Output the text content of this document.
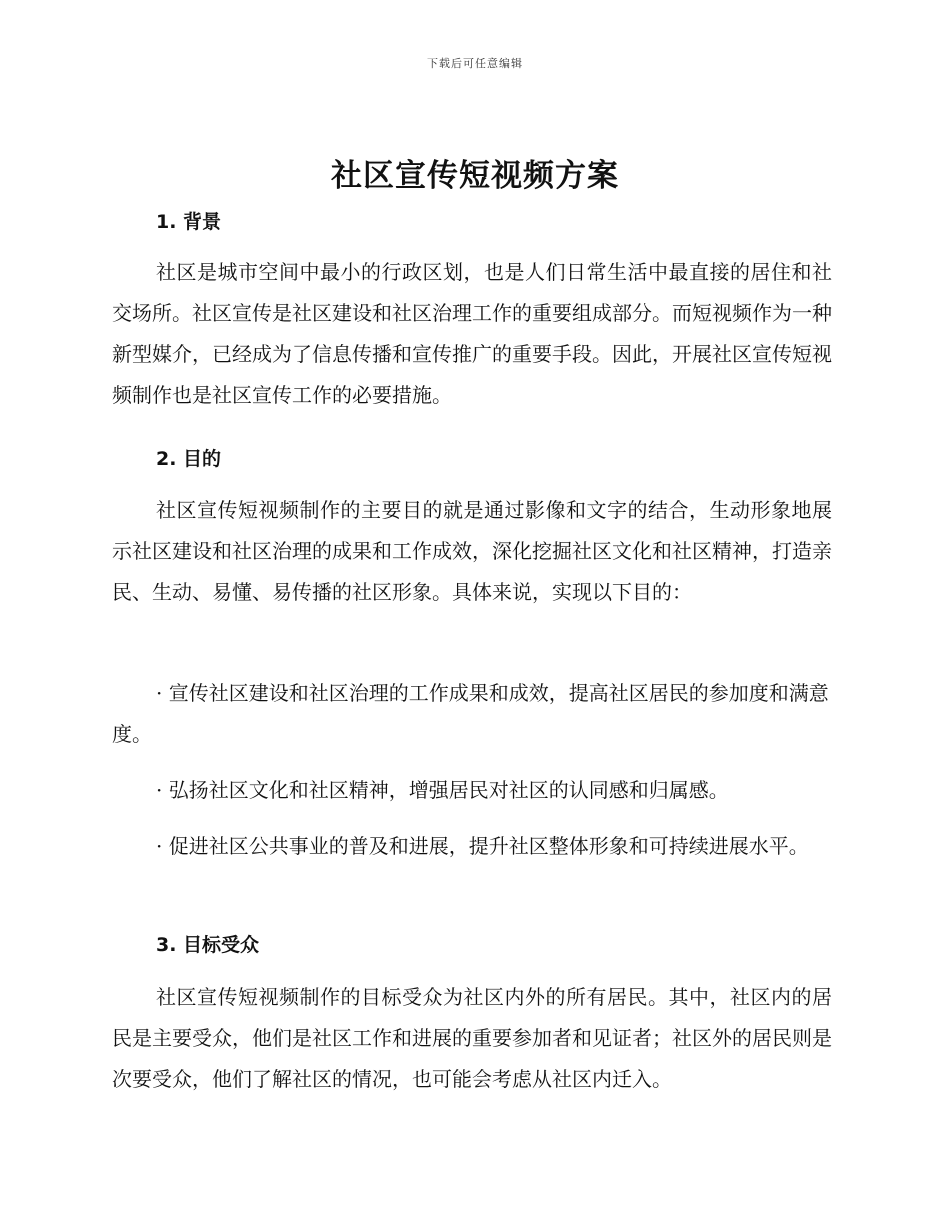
下载后可任意编辑
社区宣传短视频方案
1. 背景

社区是城市空间中最小的行政区划，也是人们日常生活中最直接的居住和社交场所。社区宣传是社区建设和社区治理工作的重要组成部分。而短视频作为一种新型媒介，已经成为了信息传播和宣传推广的重要手段。因此，开展社区宣传短视频制作也是社区宣传工作的必要措施。

2. 目的

社区宣传短视频制作的主要目的就是通过影像和文字的结合，生动形象地展示社区建设和社区治理的成果和工作成效，深化挖掘社区文化和社区精神，打造亲民、生动、易懂、易传播的社区形象。具体来说，实现以下目的：

· 宣传社区建设和社区治理的工作成果和成效，提高社区居民的参加度和满意度。

· 弘扬社区文化和社区精神，增强居民对社区的认同感和归属感。

· 促进社区公共事业的普及和进展，提升社区整体形象和可持续进展水平。

3. 目标受众

社区宣传短视频制作的目标受众为社区内外的所有居民。其中，社区内的居民是主要受众，他们是社区工作和进展的重要参加者和见证者；社区外的居民则是次要受众，他们了解社区的情况，也可能会考虑从社区内迁入。
